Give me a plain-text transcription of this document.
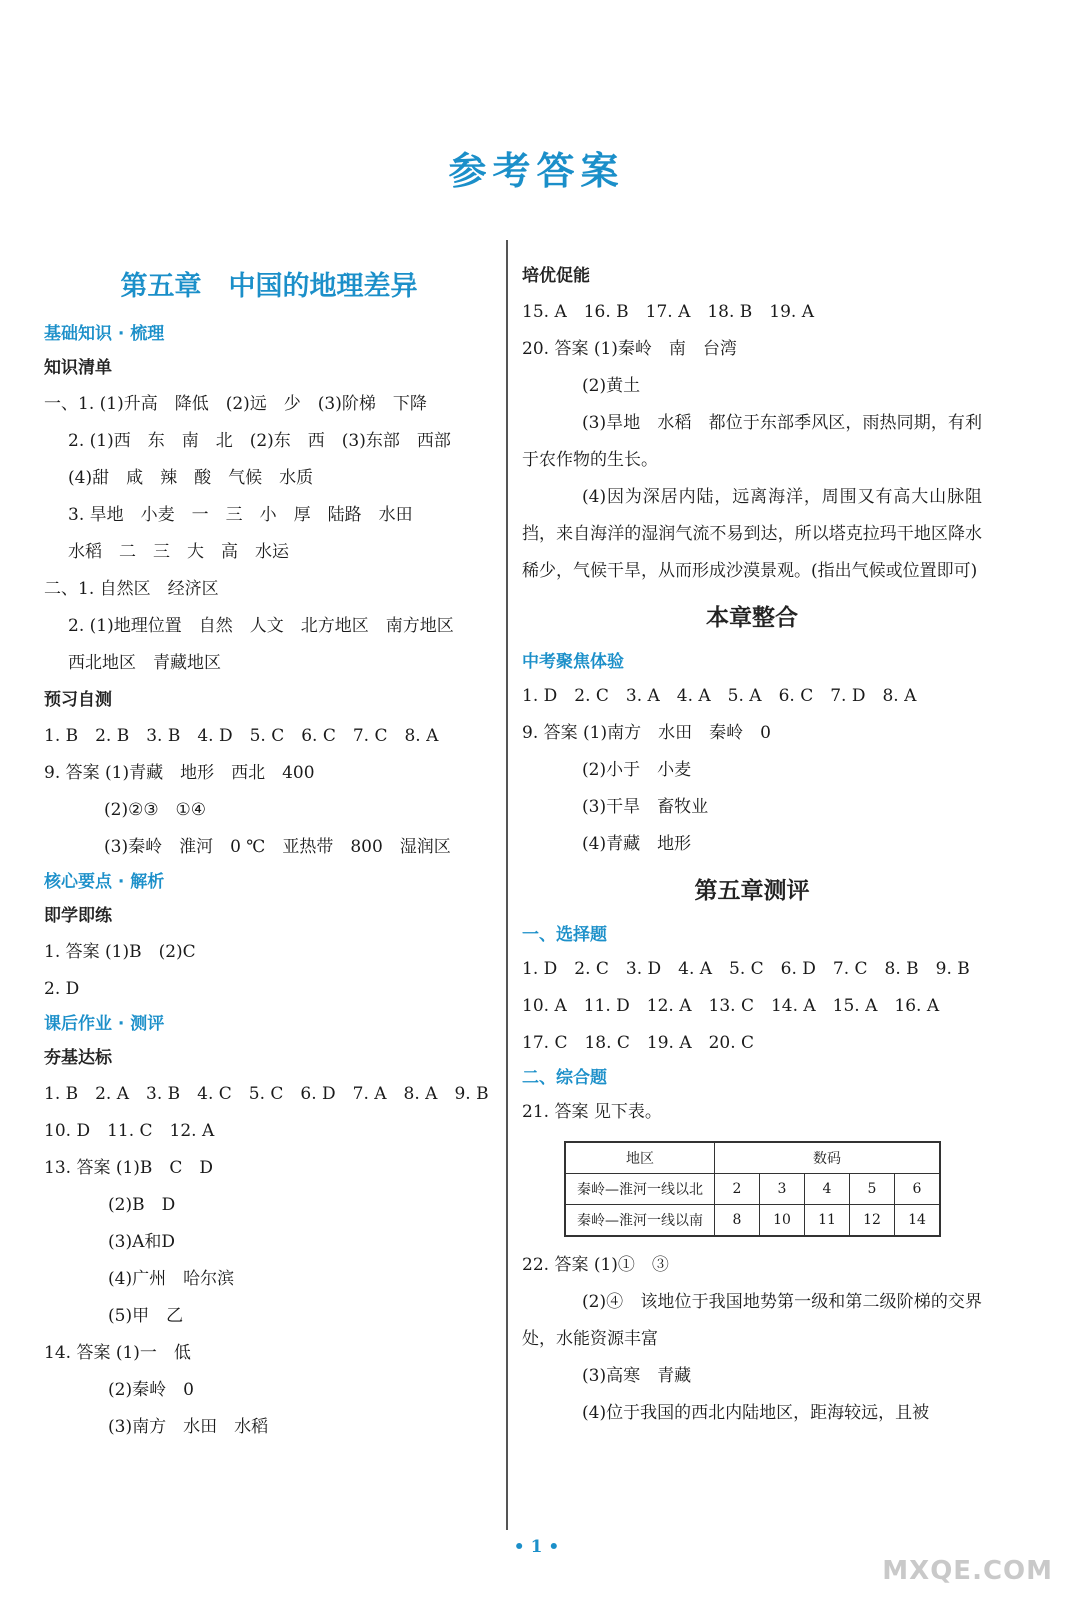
参考答案
第五章　中国的地理差异
基础知识 · 梳理
知识清单
一、1. (1)升高　降低　(2)远　少　(3)阶梯　下降
2. (1)西　东　南　北　(2)东　西　(3)东部　西部
(4)甜　咸　辣　酸　气候　水质
3. 旱地　小麦　一　三　小　厚　陆路　水田
水稻　二　三　大　高　水运
二、1. 自然区　经济区
2. (1)地理位置　自然　人文　北方地区　南方地区
西北地区　青藏地区
预习自测
1. B　2. B　3. B　4. D　5. C　6. C　7. C　8. A
9. 答案 (1)青藏　地形　西北　400
(2)②③　①④
(3)秦岭　淮河　0 ℃　亚热带　800　湿润区
核心要点 · 解析
即学即练
1. 答案 (1)B　(2)C
2. D
课后作业 · 测评
夯基达标
1. B　2. A　3. B　4. C　5. C　6. D　7. A　8. A　9. B
10. D　11. C　12. A
13. 答案 (1)B　C　D
(2)B　D
(3)A和D
(4)广州　哈尔滨
(5)甲　乙
14. 答案 (1)一　低
(2)秦岭　0
(3)南方　水田　水稻
培优促能
15. A　16. B　17. A　18. B　19. A
20. 答案 (1)秦岭　南　台湾
(2)黄土
(3)旱地　水稻　都位于东部季风区，雨热同期，有利于农作物的生长。
(4)因为深居内陆，远离海洋，周围又有高大山脉阻挡，来自海洋的湿润气流不易到达，所以塔克拉玛干地区降水稀少，气候干旱，从而形成沙漠景观。(指出气候或位置即可)
本章整合
中考聚焦体验
1. D　2. C　3. A　4. A　5. A　6. C　7. D　8. A
9. 答案 (1)南方　水田　秦岭　0
(2)小于　小麦
(3)干旱　畜牧业
(4)青藏　地形
第五章测评
一、选择题
1. D　2. C　3. D　4. A　5. C　6. D　7. C　8. B　9. B
10. A　11. D　12. A　13. C　14. A　15. A　16. A
17. C　18. C　19. A　20. C
二、综合题
21. 答案 见下表。
地区	数码				
秦岭—淮河一线以北	2	3	4	5	6
秦岭—淮河一线以南	8	10	11	12	14
22. 答案 (1)①　③
(2)④　该地位于我国地势第一级和第二级阶梯的交界处，水能资源丰富
(3)高寒　青藏
(4)位于我国的西北内陆地区，距海较远，且被
• 1 •
MXQE.COM
